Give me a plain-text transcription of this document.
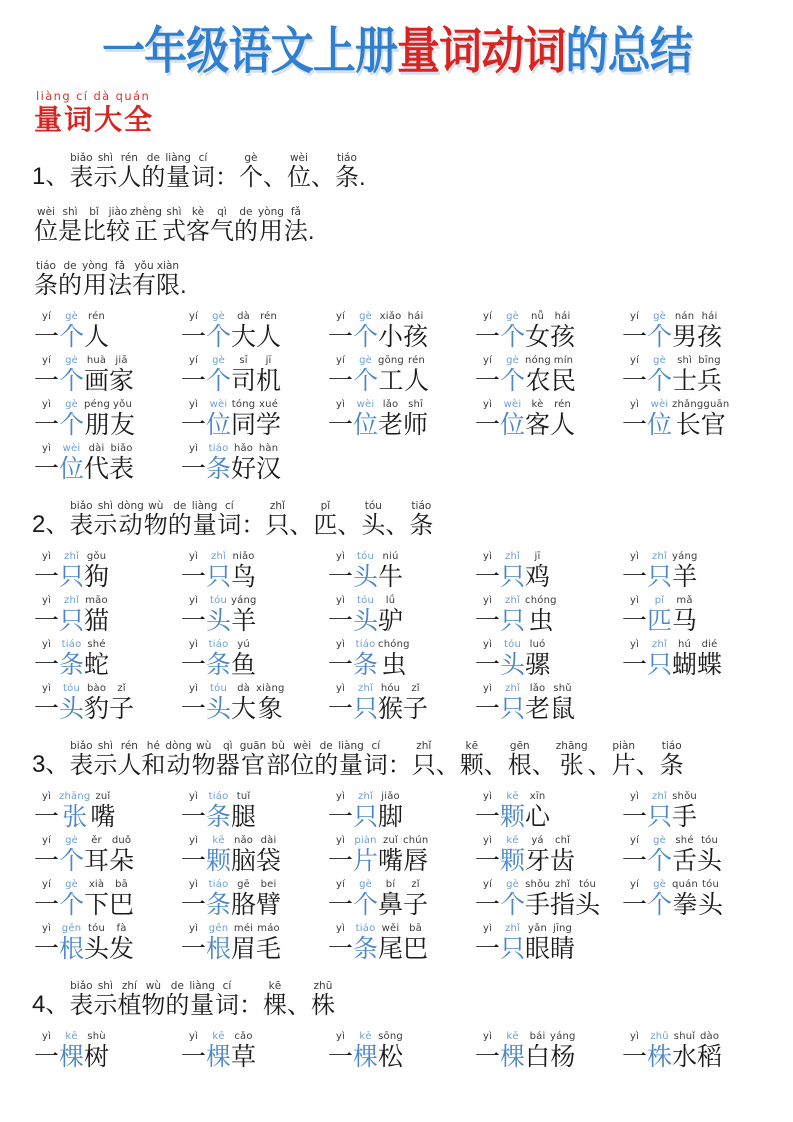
一年级语文上册量词动词的总结
liàng cí dà quán
量词大全
1、
biǎo
表
shì
示
rén
人
de
的
liàng
量
cí
词
：
gè
个
、
wèi
位
、
tiáo
条
.
wèi
位
shì
是
bǐ
比
jiào
较
zhèng
正
shì
式
kè
客
qì
气
de
的
yòng
用
fǎ
法
.
tiáo
条
de
的
yòng
用
fǎ
法
yǒu
有
xiàn
限
.
yí
一
gè
个
rén
人
yí
一
gè
个
dà
大
rén
人
yí
一
gè
个
xiǎo
小
hái
孩
yí
一
gè
个
nǚ
女
hái
孩
yí
一
gè
个
nán
男
hái
孩
yí
一
gè
个
huà
画
jiā
家
yí
一
gè
个
sī
司
jī
机
yí
一
gè
个
gōng
工
rén
人
yí
一
gè
个
nóng
农
mín
民
yí
一
gè
个
shì
士
bīng
兵
yì
一
gè
个
péng
朋
yǒu
友
yì
一
wèi
位
tóng
同
xué
学
yì
一
wèi
位
lǎo
老
shī
师
yì
一
wèi
位
kè
客
rén
人
yì
一
wèi
位
zhǎngguān
长官
yì
一
wèi
位
dài
代
biǎo
表
yì
一
tiáo
条
hǎo
好
hàn
汉
2、
biǎo
表
shì
示
dòng
动
wù
物
de
的
liàng
量
cí
词
：
zhǐ
只
、
pǐ
匹
、
tóu
头
、
tiáo
条
yì
一
zhǐ
只
gǒu
狗
yì
一
zhǐ
只
niǎo
鸟
yì
一
tóu
头
niú
牛
yì
一
zhǐ
只
jī
鸡
yì
一
zhǐ
只
yáng
羊
yì
一
zhǐ
只
māo
猫
yì
一
tóu
头
yáng
羊
yì
一
tóu
头
lǘ
驴
yì
一
zhǐ
只
chóng
虫
yì
一
pǐ
匹
mǎ
马
yì
一
tiáo
条
shé
蛇
yì
一
tiáo
条
yú
鱼
yì
一
tiáo
条
chóng
虫
yì
一
tóu
头
luó
骡
yì
一
zhǐ
只
hú
蝴
dié
蝶
yì
一
tóu
头
bào
豹
zǐ
子
yì
一
tóu
头
dà
大
xiàng
象
yì
一
zhǐ
只
hóu
猴
zǐ
子
yì
一
zhǐ
只
lǎo
老
shǔ
鼠
3、
biǎo
表
shì
示
rén
人
hé
和
dòng
动
wù
物
qì
器
guān
官
bù
部
wèi
位
de
的
liàng
量
cí
词
：
zhǐ
只
、
kē
颗
、
gēn
根
、
zhāng
张
、
piàn
片
、
tiáo
条
yì
一
zhāng
张
zuǐ
嘴
yì
一
tiáo
条
tuǐ
腿
yì
一
zhǐ
只
jiǎo
脚
yì
一
kē
颗
xīn
心
yì
一
zhǐ
只
shǒu
手
yí
一
gè
个
ěr
耳
duǒ
朵
yì
一
kē
颗
nǎo
脑
dài
袋
yì
一
piàn
片
zuǐ
嘴
chún
唇
yì
一
kē
颗
yá
牙
chǐ
齿
yí
一
gè
个
shé
舌
tóu
头
yí
一
gè
个
xià
下
bā
巴
yì
一
tiáo
条
gē
胳
bei
臂
yí
一
gè
个
bí
鼻
zǐ
子
yí
一
gè
个
shǒu
手
zhǐ
指
tóu
头
yí
一
gè
个
quán
拳
tóu
头
yì
一
gēn
根
tóu
头
fà
发
yì
一
gēn
根
méi
眉
máo
毛
yì
一
tiáo
条
wěi
尾
bā
巴
yì
一
zhǐ
只
yǎn
眼
jīng
睛
4、
biǎo
表
shì
示
zhí
植
wù
物
de
的
liàng
量
cí
词
：
kē
棵
、
zhū
株
yì
一
kē
棵
shù
树
yì
一
kē
棵
cǎo
草
yì
一
kē
棵
sōng
松
yì
一
kē
棵
bái
白
yáng
杨
yì
一
zhū
株
shuǐ
水
dào
稻
